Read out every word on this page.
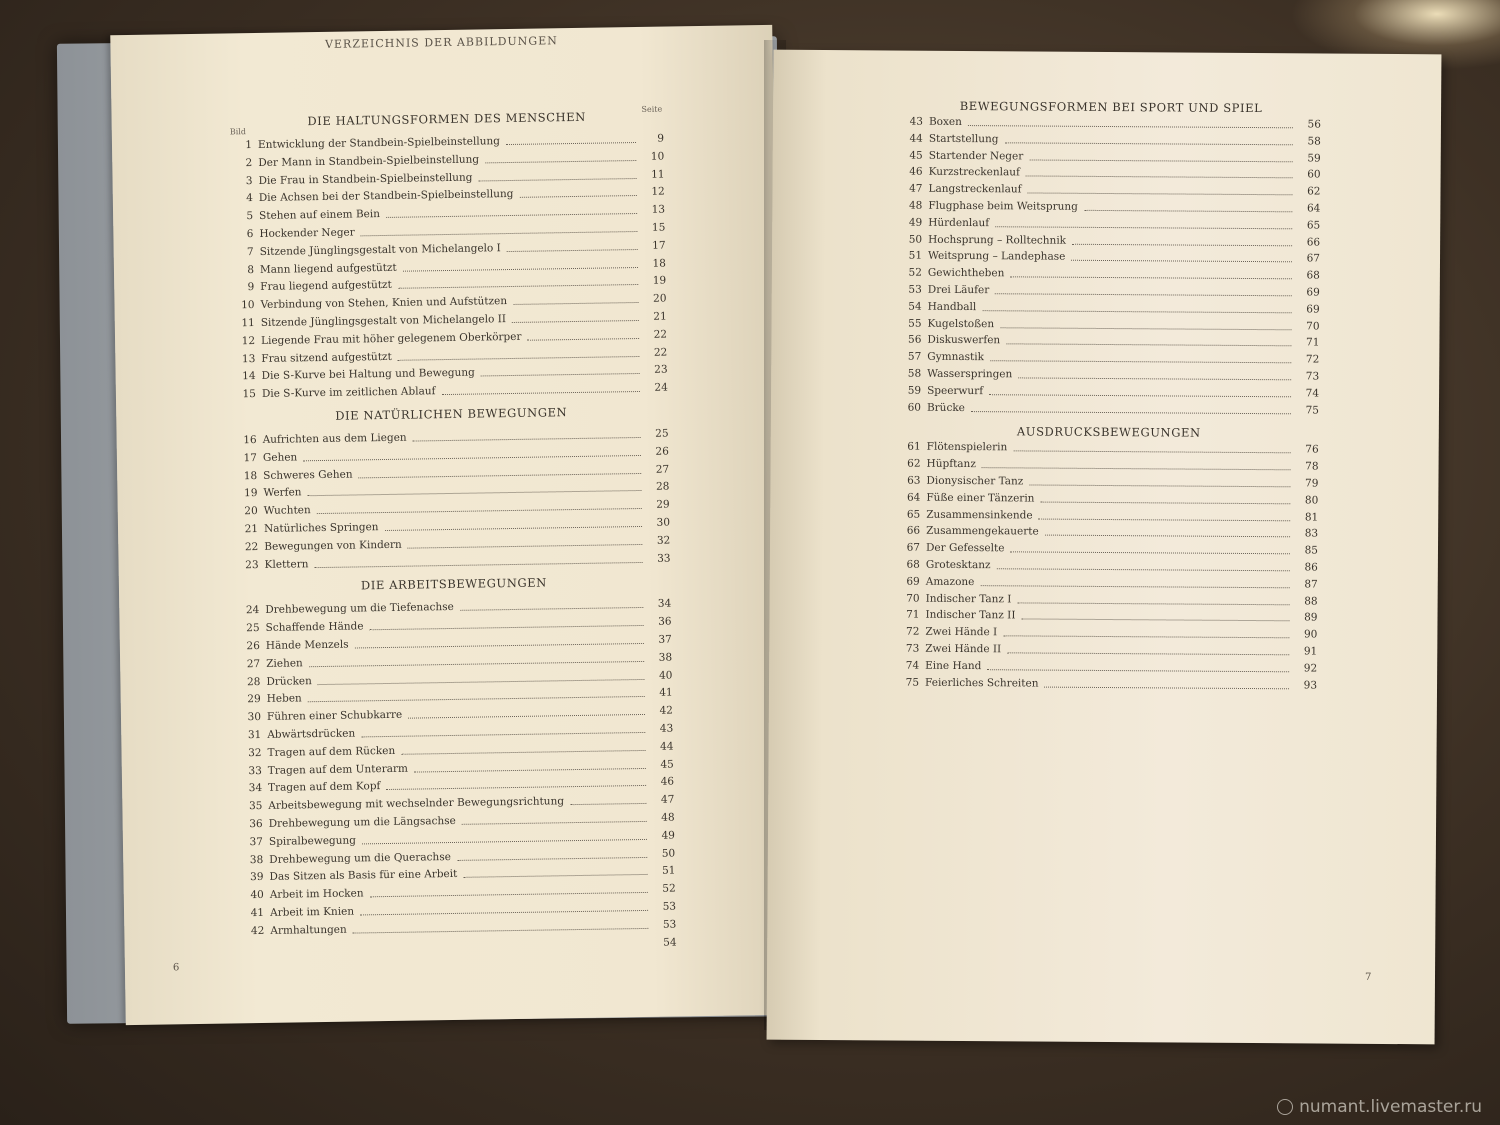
VERZEICHNIS DER ABBILDUNGEN
Bild
Seite
DIE HALTUNGSFORMEN DES MENSCHEN
1 Entwicklung der Standbein-Spielbeinstellung	9
2 Der Mann in Standbein-Spielbeinstellung	10
3 Die Frau in Standbein-Spielbeinstellung	11
4 Die Achsen bei der Standbein-Spielbeinstellung	12
5 Stehen auf einem Bein	13
6 Hockender Neger	15
7 Sitzende Jünglingsgestalt von Michelangelo I	17
8 Mann liegend aufgestützt	18
9 Frau liegend aufgestützt	19
10 Verbindung von Stehen, Knien und Aufstützen	20
11 Sitzende Jünglingsgestalt von Michelangelo II	21
12 Liegende Frau mit höher gelegenem Oberkörper	22
13 Frau sitzend aufgestützt	22
14 Die S-Kurve bei Haltung und Bewegung	23
15 Die S-Kurve im zeitlichen Ablauf	24
DIE NATÜRLICHEN BEWEGUNGEN
16 Aufrichten aus dem Liegen	25
17 Gehen	26
18 Schweres Gehen	27
19 Werfen	28
20 Wuchten	29
21 Natürliches Springen	30
22 Bewegungen von Kindern	32
23 Klettern	33
DIE ARBEITSBEWEGUNGEN
24 Drehbewegung um die Tiefenachse	34
25 Schaffende Hände	36
26 Hände Menzels	37
27 Ziehen	38
28 Drücken	40
29 Heben	41
30 Führen einer Schubkarre	42
31 Abwärtsdrücken	43
32 Tragen auf dem Rücken	44
33 Tragen auf dem Unterarm	45
34 Tragen auf dem Kopf	46
35 Arbeitsbewegung mit wechselnder Bewegungsrichtung	47
36 Drehbewegung um die Längsachse	48
37 Spiralbewegung	49
38 Drehbewegung um die Querachse	50
39 Das Sitzen als Basis für eine Arbeit	51
40 Arbeit im Hocken	52
41 Arbeit im Knien	53
42 Armhaltungen	53
54
6
BEWEGUNGSFORMEN BEI SPORT UND SPIEL
43 Boxen	56
44 Startstellung	58
45 Startender Neger	59
46 Kurzstreckenlauf	60
47 Langstreckenlauf	62
48 Flugphase beim Weitsprung	64
49 Hürdenlauf	65
50 Hochsprung – Rolltechnik	66
51 Weitsprung – Landephase	67
52 Gewichtheben	68
53 Drei Läufer	69
54 Handball	69
55 Kugelstoßen	70
56 Diskuswerfen	71
57 Gymnastik	72
58 Wasserspringen	73
59 Speerwurf	74
60 Brücke	75
AUSDRUCKSBEWEGUNGEN
61 Flötenspielerin	76
62 Hüpftanz	78
63 Dionysischer Tanz	79
64 Füße einer Tänzerin	80
65 Zusammensinkende	81
66 Zusammengekauerte	83
67 Der Gefesselte	85
68 Grotesktanz	86
69 Amazone	87
70 Indischer Tanz I	88
71 Indischer Tanz II	89
72 Zwei Hände I	90
73 Zwei Hände II	91
74 Eine Hand	92
75 Feierliches Schreiten	93
7
numant.livemaster.ru
